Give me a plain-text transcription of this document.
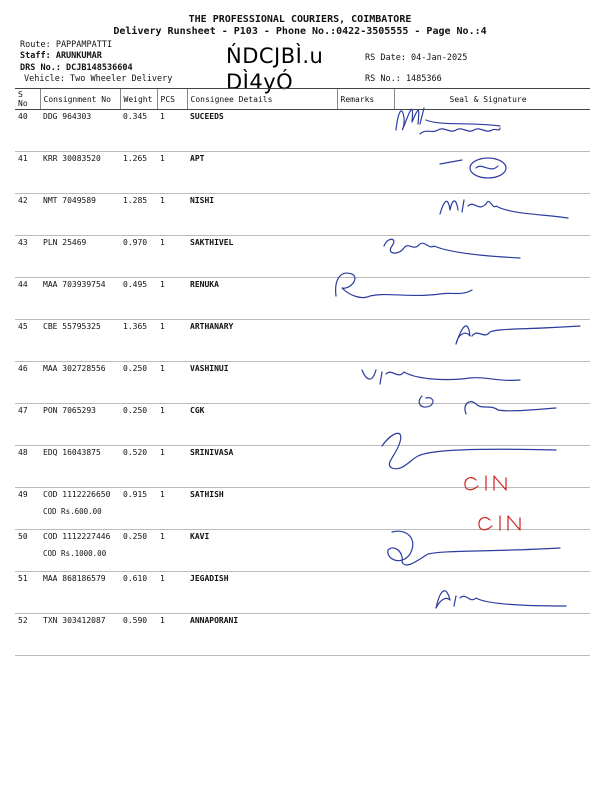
THE PROFESSIONAL COURIERS, COIMBATORE
Delivery Runsheet - P103 - Phone No.:0422-3505555 - Page No.:4
Route: PAPPAMPATTI
Staff: ARUNKUMAR
DRS No.: DCJB148536604
Vehicle: Two Wheeler Delivery
ŃDCJBÌ.u
DÌ4yÓ
RS Date: 04-Jan-2025
RS No.: 1485366
S No	Consignment No	Weight	PCS	Consignee Details	Remarks	Seal & Signature
40	DDG 964303	0.345	1	SUCEEDS		
41	KRR 30083520	1.265	1	APT		
42	NMT 7049589	1.285	1	NISHI		
43	PLN 25469	0.970	1	SAKTHIVEL		
44	MAA 703939754	0.495	1	RENUKA		
45	CBE 55795325	1.365	1	ARTHANARY		
46	MAA 302728556	0.250	1	VASHINUI		
47	PON 7065293	0.250	1	CGK		
48	EDQ 16043875	0.520	1	SRINIVASA		
49	COD 1112226650
COD Rs.600.00	0.915	1	SATHISH		
50	COD 1112227446
COD Rs.1000.00	0.250	1	KAVI		
51	MAA 868186579	0.610	1	JEGADISH		
52	TXN 303412087	0.590	1	ANNAPORANI		
